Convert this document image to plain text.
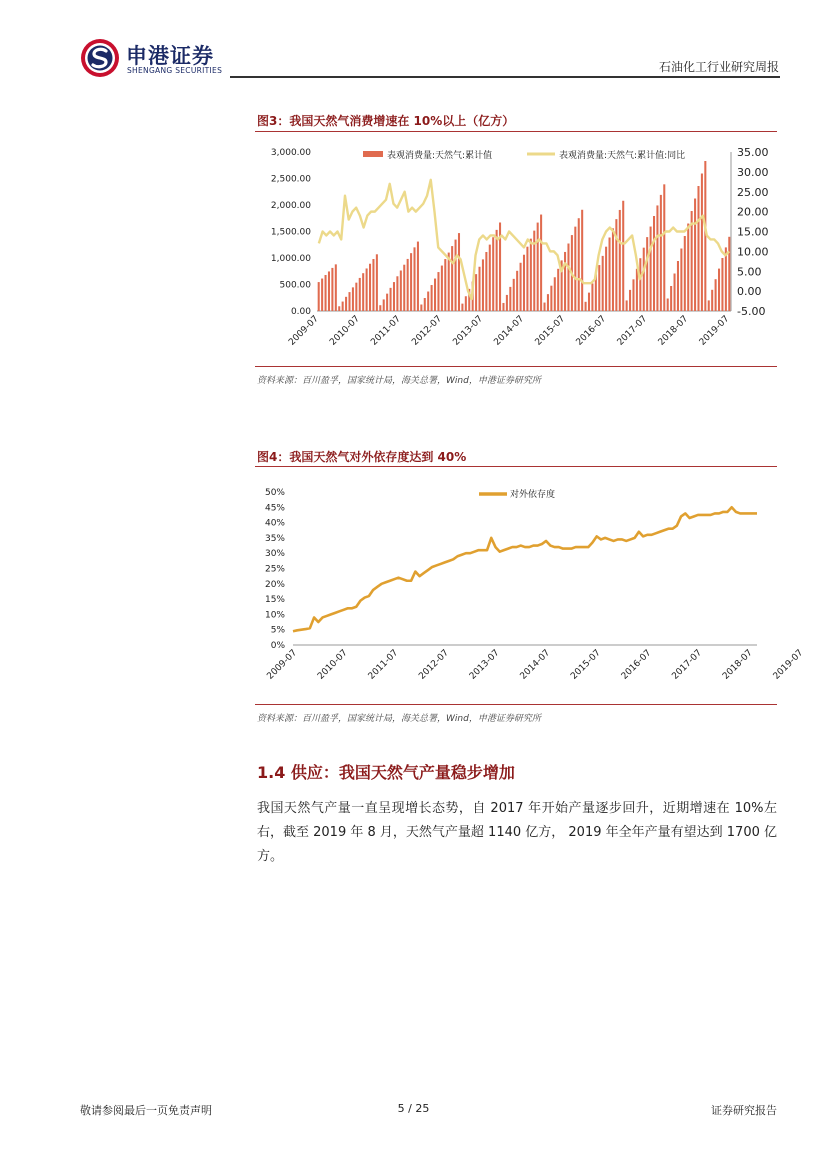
申港证券
SHENGANG SECURITIES	石油化工行业研究周报
图3：我国天然气消费增速在 10%以上（亿方）
3,000.00
2,500.00
2,000.00
1,500.00
1,000.00
500.00
0.00
35.00
30.00
25.00
20.00
15.00
10.00
5.00
0.00
-5.00
2009-07 2010-07 2011-07 2012-07 2013-07 2014-07 2015-07 2016-07 2017-07 2018-07 2019-07
表观消费量:天然气:累计值	表观消费量:天然气:累计值:同比
资料来源：百川盈孚，国家统计局，海关总署，Wind，申港证券研究所
图4：我国天然气对外依存度达到 40%
50%
45%
40%
35%
30%
25%
20%
15%
10%
5%
0%
2009-07 2010-07 2011-07 2012-07 2013-07 2014-07 2015-07 2016-07 2017-07 2018-07 2019-07
对外依存度
资料来源：百川盈孚，国家统计局，海关总署，Wind，申港证券研究所
1.4 供应：我国天然气产量稳步增加
我国天然气产量一直呈现增长态势，自 2017 年开始产量逐步回升，近期增速在 10%左右，截至 2019 年 8 月，天然气产量超 1140 亿方， 2019 年全年产量有望达到 1700 亿方。
5 / 25
敬请参阅最后一页免责声明	证券研究报告
